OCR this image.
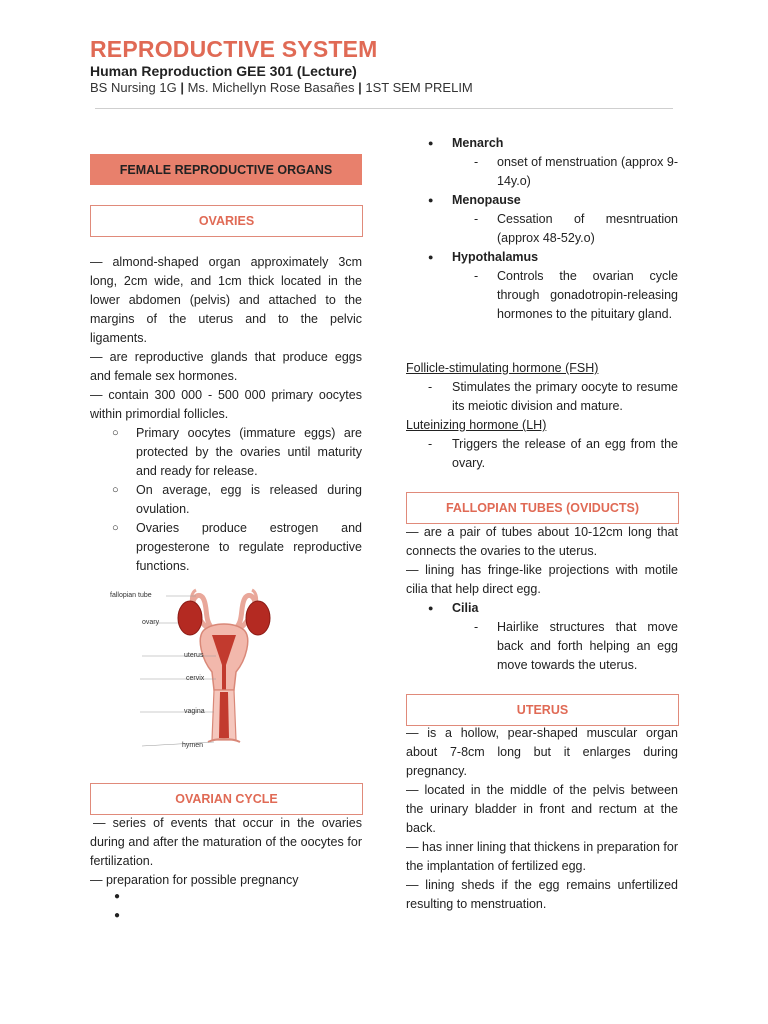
REPRODUCTIVE SYSTEM
Human Reproduction GEE 301 (Lecture)
BS Nursing 1G | Ms. Michellyn Rose Basañes | 1ST SEM PRELIM
FEMALE REPRODUCTIVE ORGANS
OVARIES

— almond-shaped organ approximately 3cm long, 2cm wide, and 1cm thick located in the lower abdomen (pelvis) and attached to the margins of the uterus and to the pelvic ligaments.

— are reproductive glands that produce eggs and female sex hormones.

— contain 300 000 - 500 000 primary oocytes within primordial follicles.

○ Primary oocytes (immature eggs) are protected by the ovaries until maturity and ready for release.
○ On average, egg is released during ovulation.
○ Ovaries produce estrogen and progesterone to regulate reproductive functions.
fallopian tube
ovary
uterus
cervix
vagina
hymen
OVARIAN CYCLE

— series of events that occur in the ovaries during and after the maturation of the oocytes for fertilization.

— preparation for possible pregnancy

●
●
● Menarch
- onset of menstruation (approx 9-14y.o)
● Menopause
- Cessation of mesntruation (approx 48-52y.o)
● Hypothalamus
- Controls the ovarian cycle through gonadotropin-releasing hormones to the pituitary gland.
Follicle-stimulating hormone (FSH)
- Stimulates the primary oocyte to resume its meiotic division and mature.
Luteinizing hormone (LH)
- Triggers the release of an egg from the ovary.
FALLOPIAN TUBES (OVIDUCTS)

— are a pair of tubes about 10-12cm long that connects the ovaries to the uterus.

— lining has fringe-like projections with motile cilia that help direct egg.

● Cilia
- Hairlike structures that move back and forth helping an egg move towards the uterus.
UTERUS

— is a hollow, pear-shaped muscular organ about 7-8cm long but it enlarges during pregnancy.

— located in the middle of the pelvis between the urinary bladder in front and rectum at the back.

— has inner lining that thickens in preparation for the implantation of fertilized egg.

— lining sheds if the egg remains unfertilized resulting to menstruation.
